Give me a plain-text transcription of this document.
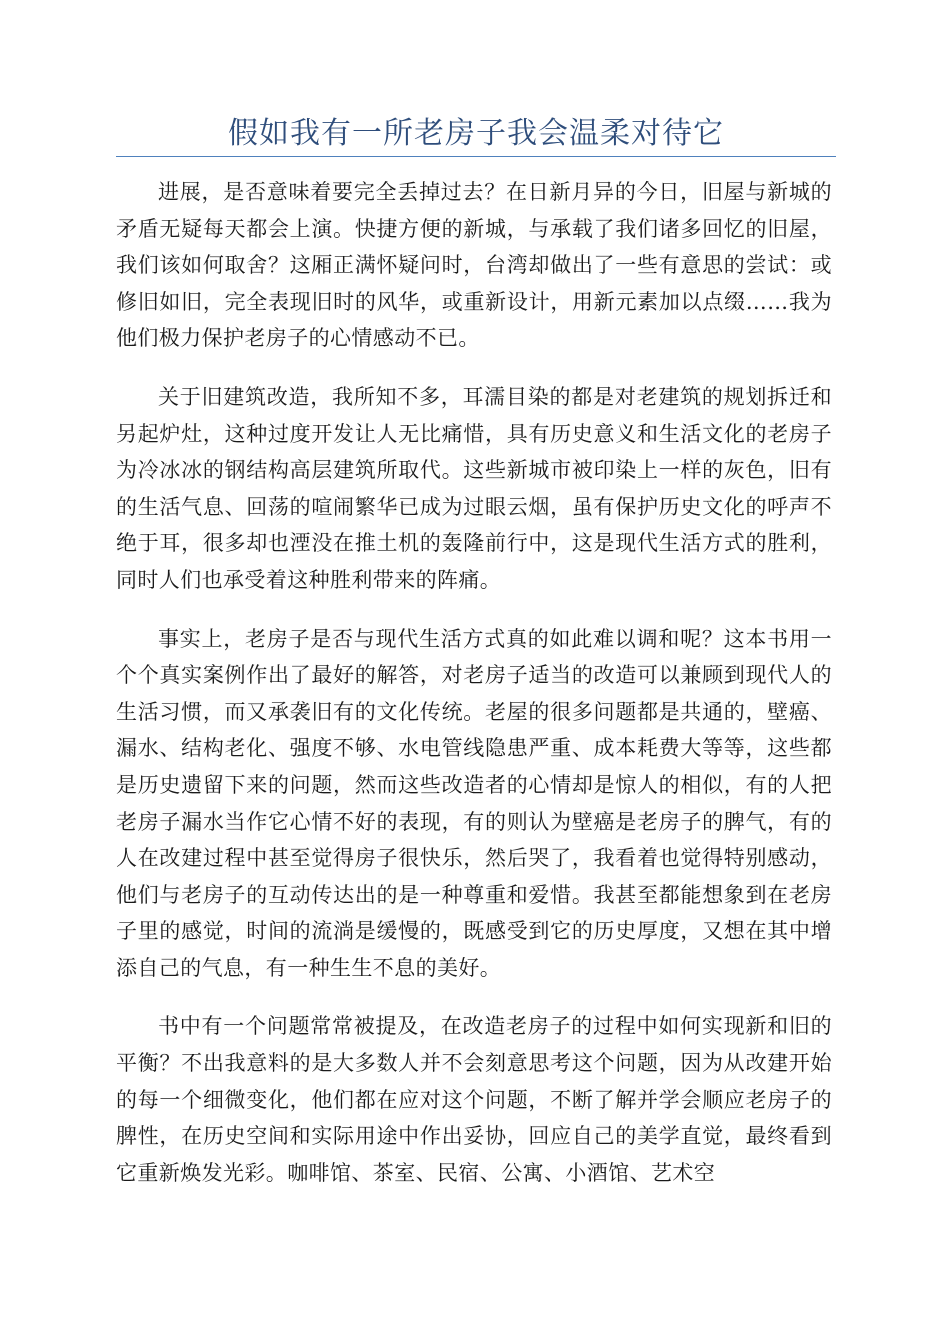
假如我有一所老房子我会温柔对待它

进展，是否意味着要完全丢掉过去？在日新月异的今日，旧屋与新城的矛盾无疑每天都会上演。快捷方便的新城，与承载了我们诸多回忆的旧屋，我们该如何取舍？这厢正满怀疑问时，台湾却做出了一些有意思的尝试：或修旧如旧，完全表现旧时的风华，或重新设计，用新元素加以点缀……我为他们极力保护老房子的心情感动不已。

关于旧建筑改造，我所知不多，耳濡目染的都是对老建筑的规划拆迁和另起炉灶，这种过度开发让人无比痛惜，具有历史意义和生活文化的老房子为冷冰冰的钢结构高层建筑所取代。这些新城市被印染上一样的灰色，旧有的生活气息、回荡的喧闹繁华已成为过眼云烟，虽有保护历史文化的呼声不绝于耳，很多却也湮没在推土机的轰隆前行中，这是现代生活方式的胜利，同时人们也承受着这种胜利带来的阵痛。

事实上，老房子是否与现代生活方式真的如此难以调和呢？这本书用一个个真实案例作出了最好的解答，对老房子适当的改造可以兼顾到现代人的生活习惯，而又承袭旧有的文化传统。老屋的很多问题都是共通的，壁癌、漏水、结构老化、强度不够、水电管线隐患严重、成本耗费大等等，这些都是历史遗留下来的问题，然而这些改造者的心情却是惊人的相似，有的人把老房子漏水当作它心情不好的表现，有的则认为壁癌是老房子的脾气，有的人在改建过程中甚至觉得房子很快乐，然后哭了，我看着也觉得特别感动，他们与老房子的互动传达出的是一种尊重和爱惜。我甚至都能想象到在老房子里的感觉，时间的流淌是缓慢的，既感受到它的历史厚度，又想在其中增添自己的气息，有一种生生不息的美好。

书中有一个问题常常被提及，在改造老房子的过程中如何实现新和旧的平衡？不出我意料的是大多数人并不会刻意思考这个问题，因为从改建开始的每一个细微变化，他们都在应对这个问题，不断了解并学会顺应老房子的脾性，在历史空间和实际用途中作出妥协，回应自己的美学直觉，最终看到它重新焕发光彩。咖啡馆、茶室、民宿、公寓、小酒馆、艺术空
